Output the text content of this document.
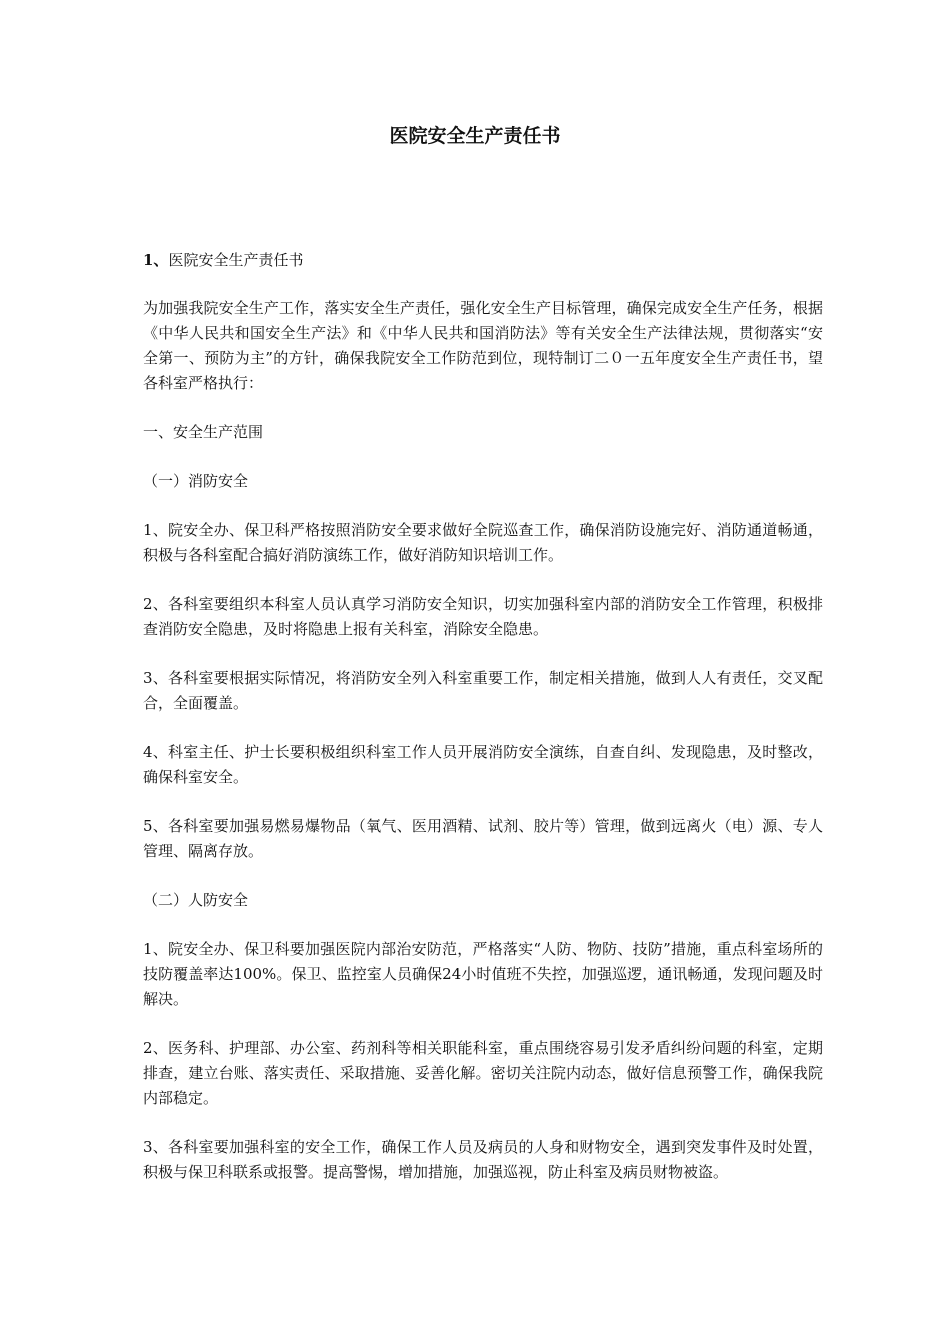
医院安全生产责任书

1、医院安全生产责任书

为加强我院安全生产工作，落实安全生产责任，强化安全生产目标管理，确保完成安全生产任务，根据《中华人民共和国安全生产法》和《中华人民共和国消防法》等有关安全生产法律法规，贯彻落实“安全第一、预防为主”的方针，确保我院安全工作防范到位，现特制订二０一五年度安全生产责任书，望各科室严格执行：

一、安全生产范围

（一）消防安全

1、院安全办、保卫科严格按照消防安全要求做好全院巡查工作，确保消防设施完好、消防通道畅通，积极与各科室配合搞好消防演练工作，做好消防知识培训工作。

2、各科室要组织本科室人员认真学习消防安全知识，切实加强科室内部的消防安全工作管理，积极排查消防安全隐患，及时将隐患上报有关科室，消除安全隐患。

3、各科室要根据实际情况，将消防安全列入科室重要工作，制定相关措施，做到人人有责任，交叉配合，全面覆盖。

4、科室主任、护士长要积极组织科室工作人员开展消防安全演练，自查自纠、发现隐患，及时整改，确保科室安全。

5、各科室要加强易燃易爆物品（氧气、医用酒精、试剂、胶片等）管理，做到远离火（电）源、专人管理、隔离存放。

（二）人防安全

1、院安全办、保卫科要加强医院内部治安防范，严格落实“人防、物防、技防”措施，重点科室场所的技防覆盖率达100%。保卫、监控室人员确保24小时值班不失控，加强巡逻，通讯畅通，发现问题及时解决。

2、医务科、护理部、办公室、药剂科等相关职能科室，重点围绕容易引发矛盾纠纷问题的科室，定期排查，建立台账、落实责任、采取措施、妥善化解。密切关注院内动态，做好信息预警工作，确保我院内部稳定。

3、各科室要加强科室的安全工作，确保工作人员及病员的人身和财物安全，遇到突发事件及时处置，积极与保卫科联系或报警。提高警惕，增加措施，加强巡视，防止科室及病员财物被盗。
